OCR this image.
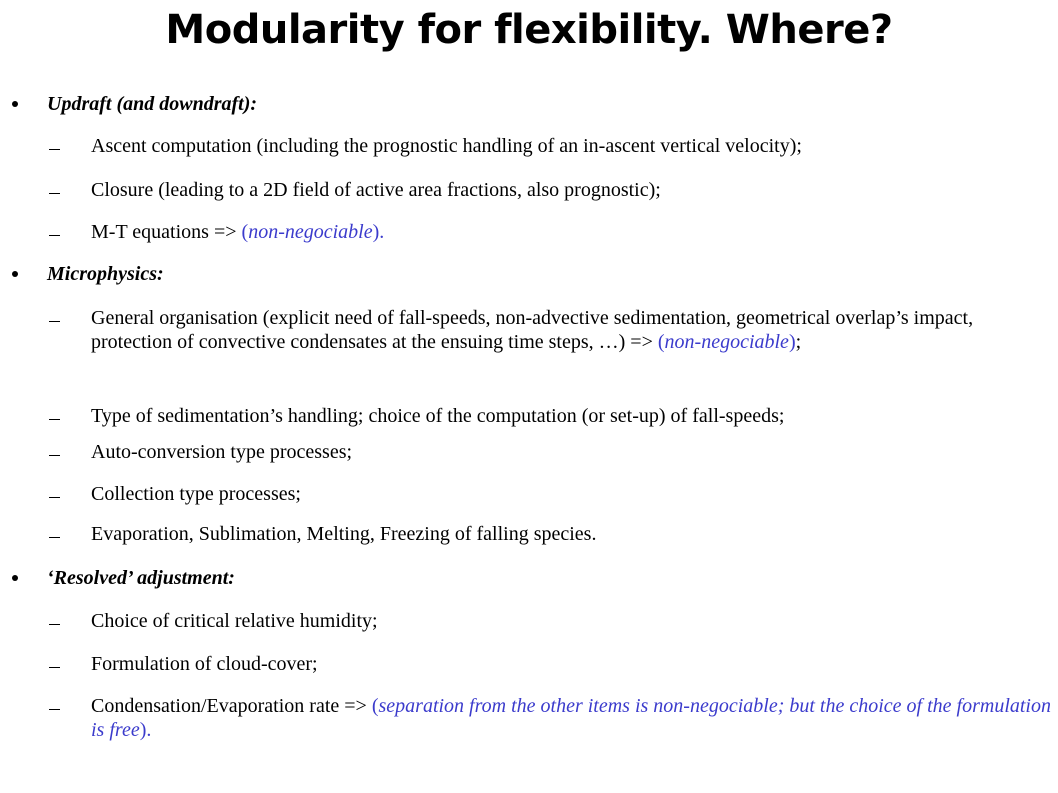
Modularity for flexibility. Where?
Updraft (and downdraft):
Ascent computation (including the prognostic handling of an in-ascent vertical velocity);
Closure (leading to a 2D field of active area fractions, also prognostic);
M-T equations => (non-negociable).
Microphysics:
General organisation (explicit need of fall-speeds, non-advective sedimentation, geometrical overlap’s impact, protection of convective condensates at the ensuing time steps, …) => (non-negociable);
Type of sedimentation’s handling; choice of the computation (or set-up) of fall-speeds;
Auto-conversion type processes;
Collection type processes;
Evaporation, Sublimation, Melting, Freezing of falling species.
‘Resolved’ adjustment:
Choice of critical relative humidity;
Formulation of cloud-cover;
Condensation/Evaporation rate => (separation from the other items is non-negociable; but the choice of the formulation is free).
